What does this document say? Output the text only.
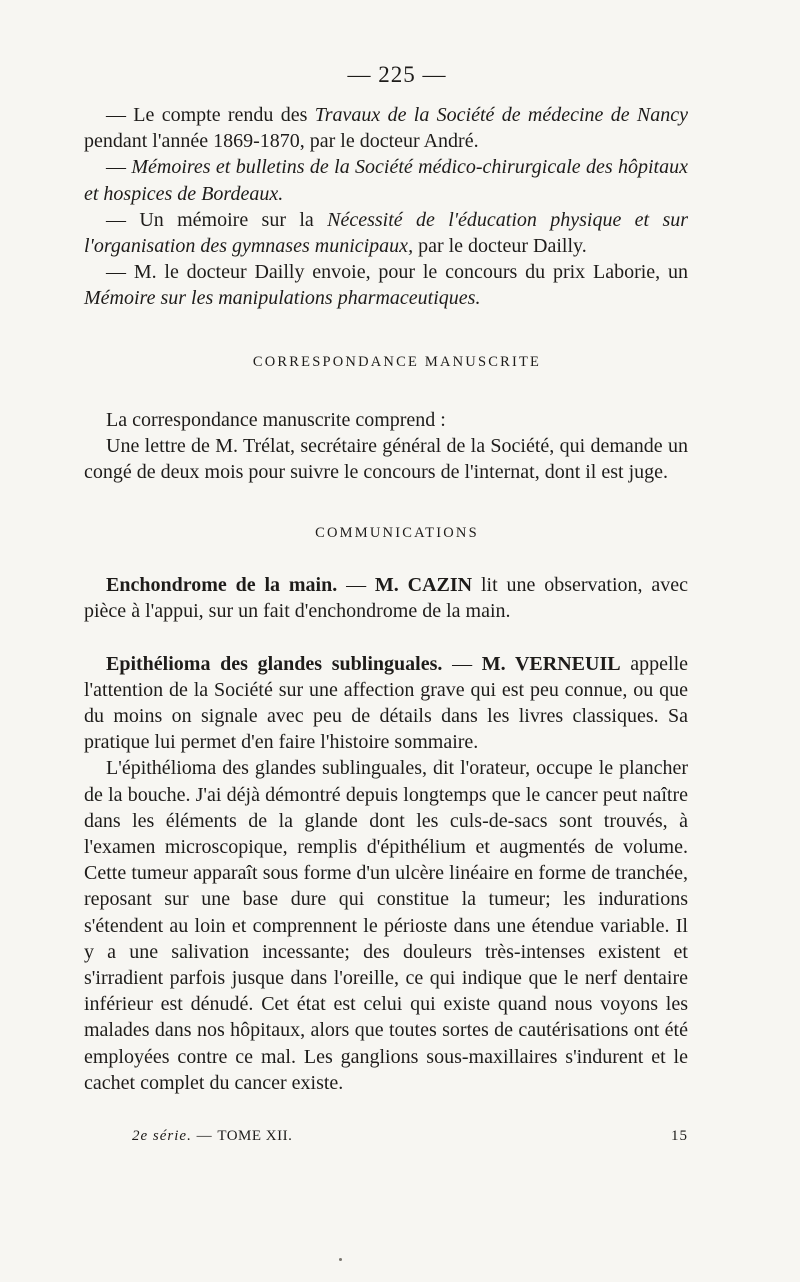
— 225 —

— Le compte rendu des Travaux de la Société de médecine de Nancy pendant l'année 1869-1870, par le docteur André.

— Mémoires et bulletins de la Société médico-chirurgicale des hôpitaux et hospices de Bordeaux.

— Un mémoire sur la Nécessité de l'éducation physique et sur l'organisation des gymnases municipaux, par le docteur Dailly.

— M. le docteur Dailly envoie, pour le concours du prix Laborie, un Mémoire sur les manipulations pharmaceutiques.

CORRESPONDANCE MANUSCRITE

La correspondance manuscrite comprend :

Une lettre de M. Trélat, secrétaire général de la Société, qui demande un congé de deux mois pour suivre le concours de l'internat, dont il est juge.

COMMUNICATIONS

Enchondrome de la main. — M. CAZIN lit une observation, avec pièce à l'appui, sur un fait d'enchondrome de la main.

Epithélioma des glandes sublinguales. — M. VERNEUIL appelle l'attention de la Société sur une affection grave qui est peu connue, ou que du moins on signale avec peu de détails dans les livres classiques. Sa pratique lui permet d'en faire l'histoire sommaire.

L'épithélioma des glandes sublinguales, dit l'orateur, occupe le plancher de la bouche. J'ai déjà démontré depuis longtemps que le cancer peut naître dans les éléments de la glande dont les culs-de-sacs sont trouvés, à l'examen microscopique, remplis d'épithélium et augmentés de volume. Cette tumeur apparaît sous forme d'un ulcère linéaire en forme de tranchée, reposant sur une base dure qui constitue la tumeur; les indurations s'étendent au loin et comprennent le périoste dans une étendue variable. Il y a une salivation incessante; des douleurs très-intenses existent et s'irradient parfois jusque dans l'oreille, ce qui indique que le nerf dentaire inférieur est dénudé. Cet état est celui qui existe quand nous voyons les malades dans nos hôpitaux, alors que toutes sortes de cautérisations ont été employées contre ce mal. Les ganglions sous-maxillaires s'indurent et le cachet complet du cancer existe.

2e série. — TOME XII.	15
